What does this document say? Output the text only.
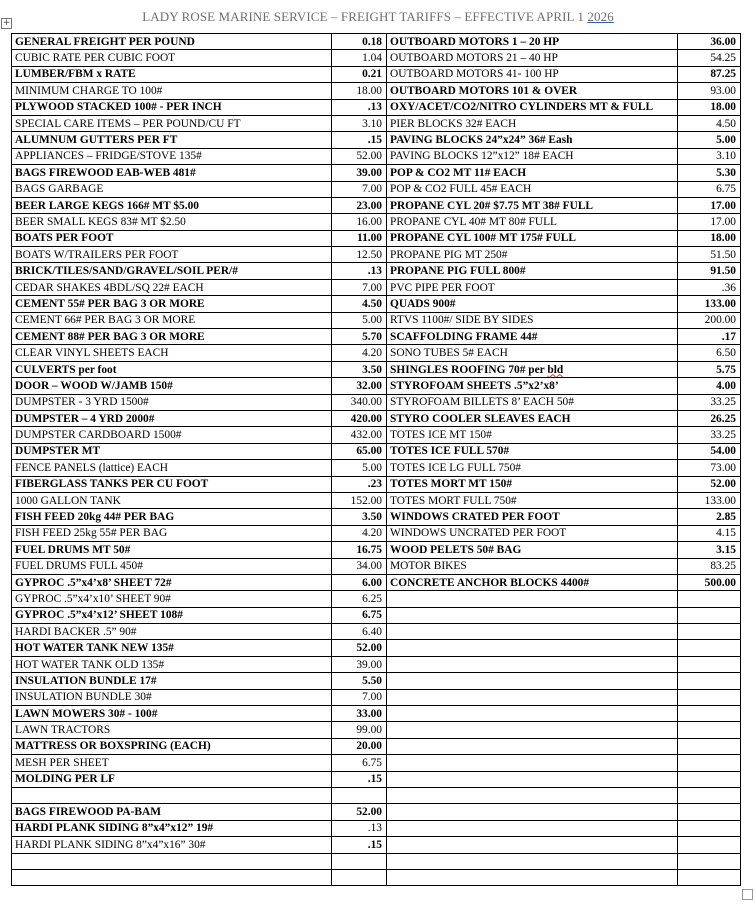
+	LADY ROSE MARINE SERVICE – FREIGHT TARIFFS – EFFECTIVE APRIL 1 2026
GENERAL FREIGHT PER POUND	0.18	OUTBOARD MOTORS 1 – 20 HP	36.00
CUBIC RATE PER CUBIC FOOT	1.04	OUTBOARD MOTORS 21 – 40 HP	54.25
LUMBER/FBM x RATE	0.21	OUTBOARD MOTORS 41- 100 HP	87.25
MINIMUM CHARGE TO 100#	18.00	OUTBOARD MOTORS 101 & OVER	93.00
PLYWOOD STACKED 100# - PER INCH	.13	OXY/ACET/CO2/NITRO CYLINDERS MT & FULL	18.00
SPECIAL CARE ITEMS – PER POUND/CU FT	3.10	PIER BLOCKS 32# EACH	4.50
ALUMNUM GUTTERS PER FT	.15	PAVING BLOCKS 24”x24” 36# Eash	5.00
APPLIANCES – FRIDGE/STOVE 135#	52.00	PAVING BLOCKS 12”x12” 18# EACH	3.10
BAGS FIREWOOD EAB-WEB 481#	39.00	POP & CO2 MT 11# EACH	5.30
BAGS GARBAGE	7.00	POP & CO2 FULL 45# EACH	6.75
BEER LARGE KEGS 166# MT $5.00	23.00	PROPANE CYL 20# $7.75 MT 38# FULL	17.00
BEER SMALL KEGS 83# MT $2.50	16.00	PROPANE CYL 40# MT 80# FULL	17.00
BOATS PER FOOT	11.00	PROPANE CYL 100# MT 175# FULL	18.00
BOATS W/TRAILERS PER FOOT	12.50	PROPANE PIG MT 250#	51.50
BRICK/TILES/SAND/GRAVEL/SOIL PER/#	.13	PROPANE PIG FULL 800#	91.50
CEDAR SHAKES 4BDL/SQ 22# EACH	7.00	PVC PIPE PER FOOT	.36
CEMENT 55# PER BAG 3 OR MORE	4.50	QUADS 900#	133.00
CEMENT 66# PER BAG 3 OR MORE	5.00	RTVS 1100#/ SIDE BY SIDES	200.00
CEMENT 88# PER BAG 3 OR MORE	5.70	SCAFFOLDING FRAME 44#	.17
CLEAR VINYL SHEETS EACH	4.20	SONO TUBES 5# EACH	6.50
CULVERTS per foot	3.50	SHINGLES ROOFING 70# per bld	5.75
DOOR – WOOD W/JAMB 150#	32.00	STYROFOAM SHEETS .5”x2’x8’	4.00
DUMPSTER - 3 YRD 1500#	340.00	STYROFOAM BILLETS 8’ EACH 50#	33.25
DUMPSTER – 4 YRD 2000#	420.00	STYRO COOLER SLEAVES EACH	26.25
DUMPSTER CARDBOARD 1500#	432.00	TOTES ICE MT 150#	33.25
DUMPSTER MT	65.00	TOTES ICE FULL 570#	54.00
FENCE PANELS (lattice) EACH	5.00	TOTES ICE LG FULL 750#	73.00
FIBERGLASS TANKS PER CU FOOT	.23	TOTES MORT MT 150#	52.00
1000 GALLON TANK	152.00	TOTES MORT FULL 750#	133.00
FISH FEED 20kg 44# PER BAG	3.50	WINDOWS CRATED PER FOOT	2.85
FISH FEED 25kg 55# PER BAG	4.20	WINDOWS UNCRATED PER FOOT	4.15
FUEL DRUMS MT 50#	16.75	WOOD PELETS 50# BAG	3.15
FUEL DRUMS FULL 450#	34.00	MOTOR BIKES	83.25
GYPROC .5”x4’x8’ SHEET 72#	6.00	CONCRETE ANCHOR BLOCKS 4400#	500.00
GYPROC .5”x4’x10’ SHEET 90#	6.25		
GYPROC .5”x4’x12’ SHEET 108#	6.75		
HARDI BACKER .5” 90#	6.40		
HOT WATER TANK NEW 135#	52.00		
HOT WATER TANK OLD 135#	39.00		
INSULATION BUNDLE 17#	5.50		
INSULATION BUNDLE 30#	7.00		
LAWN MOWERS 30# - 100#	33.00		
LAWN TRACTORS	99.00		
MATTRESS OR BOXSPRING (EACH)	20.00		
MESH PER SHEET	6.75		
MOLDING PER LF	.15		

BAGS FIREWOOD PA-BAM	52.00		
HARDI PLANK SIDING 8”x4”x12” 19#	.13		
HARDI PLANK SIDING 8”x4”x16” 30#	.15		
